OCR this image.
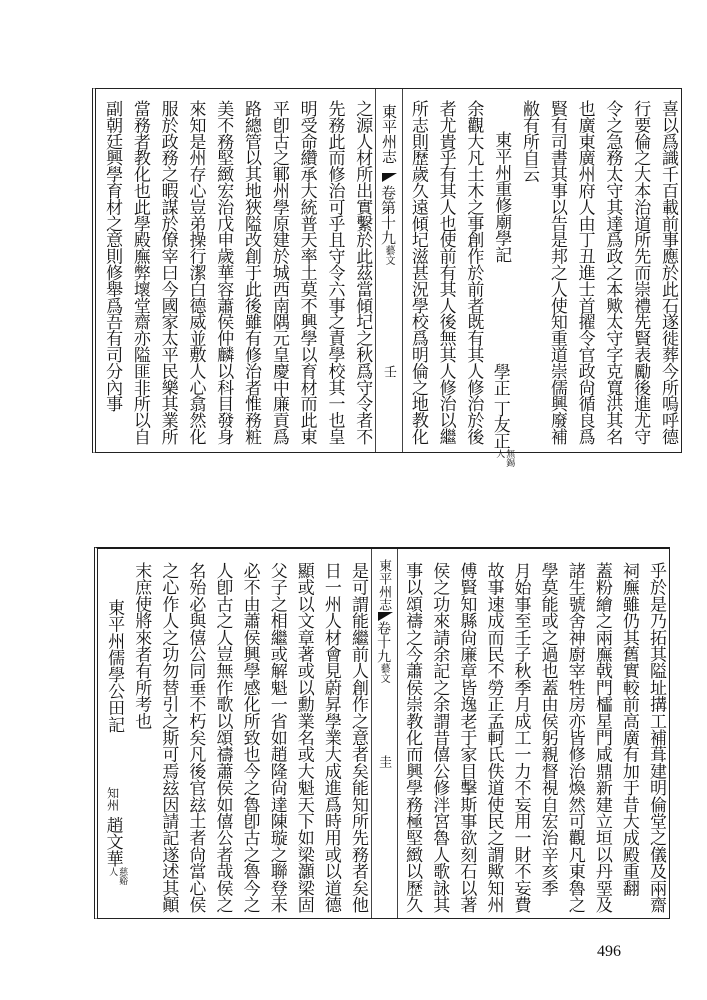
喜以爲識千百載前事應於此石遂徙葬今所嗚呼德
行要倫之大本治道所先而崇禮先賢表勵後進尤守
令之急務太守其達爲政之本歟太守字克寬洪其名
也廣東廣州府人由丁丑進士首擢令官政尙循良爲
賢有司書其事以告是邦之人使知重道崇儒興廢補
敝有所自云
東平州重修廟學記
學正丁友正無錫人
余觀大凡土木之事創作於前者既有其人修治於後
者尤貴乎有其人也使前有其人後無其人修治以繼
所志則歷歲久遠傾圮滋甚況學校爲明倫之地教化
東平州志
卷第十九藝文
壬
之源人材所出實繫於此茲當傾圮之秋爲守令者不
先務此而修治可乎且守令六事之責學校其一也皇
明受命纘承大統普天率土莫不興學以育材而此東
平卽古之鄆州學原建於城西南隅元皇慶中廉貢爲
路總管以其地狹隘改創于此後雖有修治者惟務粧
美不務堅緻宏治戊申歲華容蕭侯仲麟以科目發身
來知是州存心豈弟操行潔白德威並敷人心翕然化
服於政務之暇謀於僚宰曰今國家太平民樂其業所
當務者教化也此學殿廡弊壞堂齋亦隘匪非所以自
副朝廷興學育材之意則修舉爲吾有司分內事
乎於是乃拓其隘址搆工補葺建明倫堂之儀及兩齋
祠廡雖仍其舊實較前高廣有加于昔大成殿重翻
蓋粉繪之兩廡戟門櫺星門咸鼎新建立垣以丹堊及
諸生號舍神廚宰牲房亦皆修治煥然可觀凡東魯之
學莫能或之過也蓋由侯躬親督視自宏治辛亥季
月始事至壬子秋季月成工一力不妄用一財不妄費
故事速成而民不勞正孟軻氏佚道使民之謂歟知州
傅賢知縣尙廉章皆逸老于家目擊斯事欲刻石以著
侯之功來請余記之余謂昔僖公修泮宮魯人歌詠其
事以頌禱之今蕭侯崇教化而興學務極堅緻以歷久
東平州志
卷十九藝文
圭
是可謂能繼前人創作之意者矣能知所先務者矣他
日一州人材會見蔚昇學業大成進爲時用或以道德
顯或以文章著或以勳業名或大魁天下如梁灝梁固
父子之相繼或解魁一省如趙隆尙達陳璇之聯登未
必不由蕭侯興學感化所致也今之魯卽古之魯今之
人卽古之人豈無作歌以頌禱蕭侯如僖公者哉侯之
名殆必與僖公同垂不朽矣凡後官玆土者尙當心侯
之心作人之功勿替引之斯可焉玆因請記遂述其顚
末庶使將來者有所考也
東平州儒學公田記
知州趙文華慈谿人
496
